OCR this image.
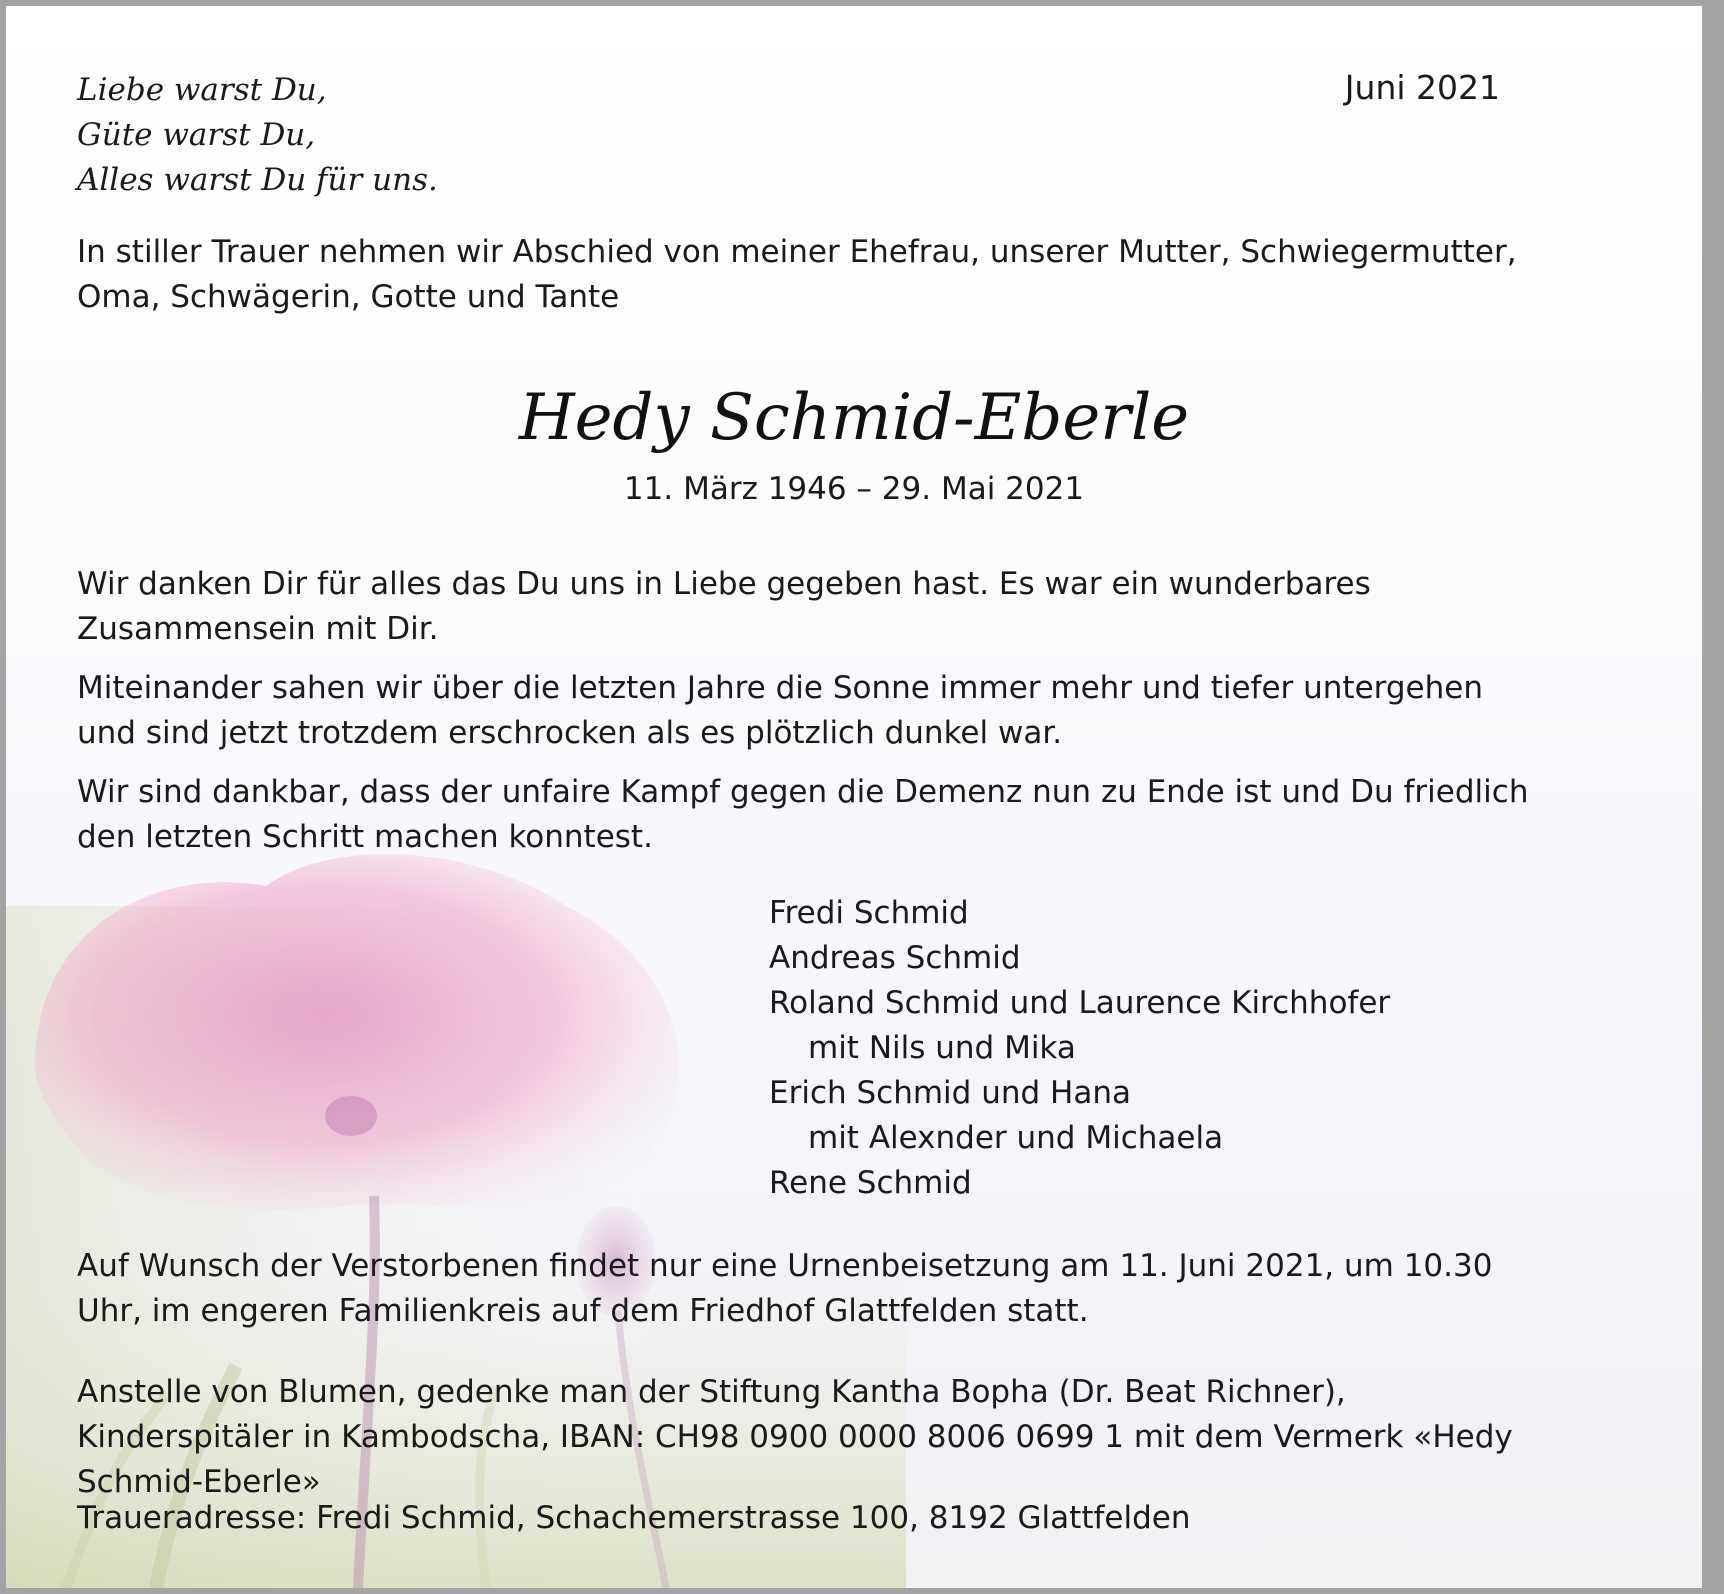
Liebe warst Du,
Güte warst Du,
Alles warst Du für uns.
Juni 2021
In stiller Trauer nehmen wir Abschied von meiner Ehefrau, unserer Mutter, Schwiegermutter, Oma, Schwägerin, Gotte und Tante
Hedy Schmid-Eberle
11. März 1946 – 29. Mai 2021
Wir danken Dir für alles das Du uns in Liebe gegeben hast. Es war ein wunderbares Zusammensein mit Dir.
Miteinander sahen wir über die letzten Jahre die Sonne immer mehr und tiefer untergehen und sind jetzt trotzdem erschrocken als es plötzlich dunkel war.
Wir sind dankbar, dass der unfaire Kampf gegen die Demenz nun zu Ende ist und Du friedlich den letzten Schritt machen konntest.
Fredi Schmid
Andreas Schmid
Roland Schmid und Laurence Kirchhofer
mit Nils und Mika
Erich Schmid und Hana
mit Alexnder und Michaela
Rene Schmid
Auf Wunsch der Verstorbenen findet nur eine Urnenbeisetzung am 11. Juni 2021, um 10.30 Uhr, im engeren Familienkreis auf dem Friedhof Glattfelden statt.
Anstelle von Blumen, gedenke man der Stiftung Kantha Bopha (Dr. Beat Richner), Kinderspitäler in Kambodscha, IBAN: CH98 0900 0000 8006 0699 1 mit dem Vermerk «Hedy Schmid-Eberle»
Traueradresse: Fredi Schmid, Schachemerstrasse 100, 8192 Glattfelden
